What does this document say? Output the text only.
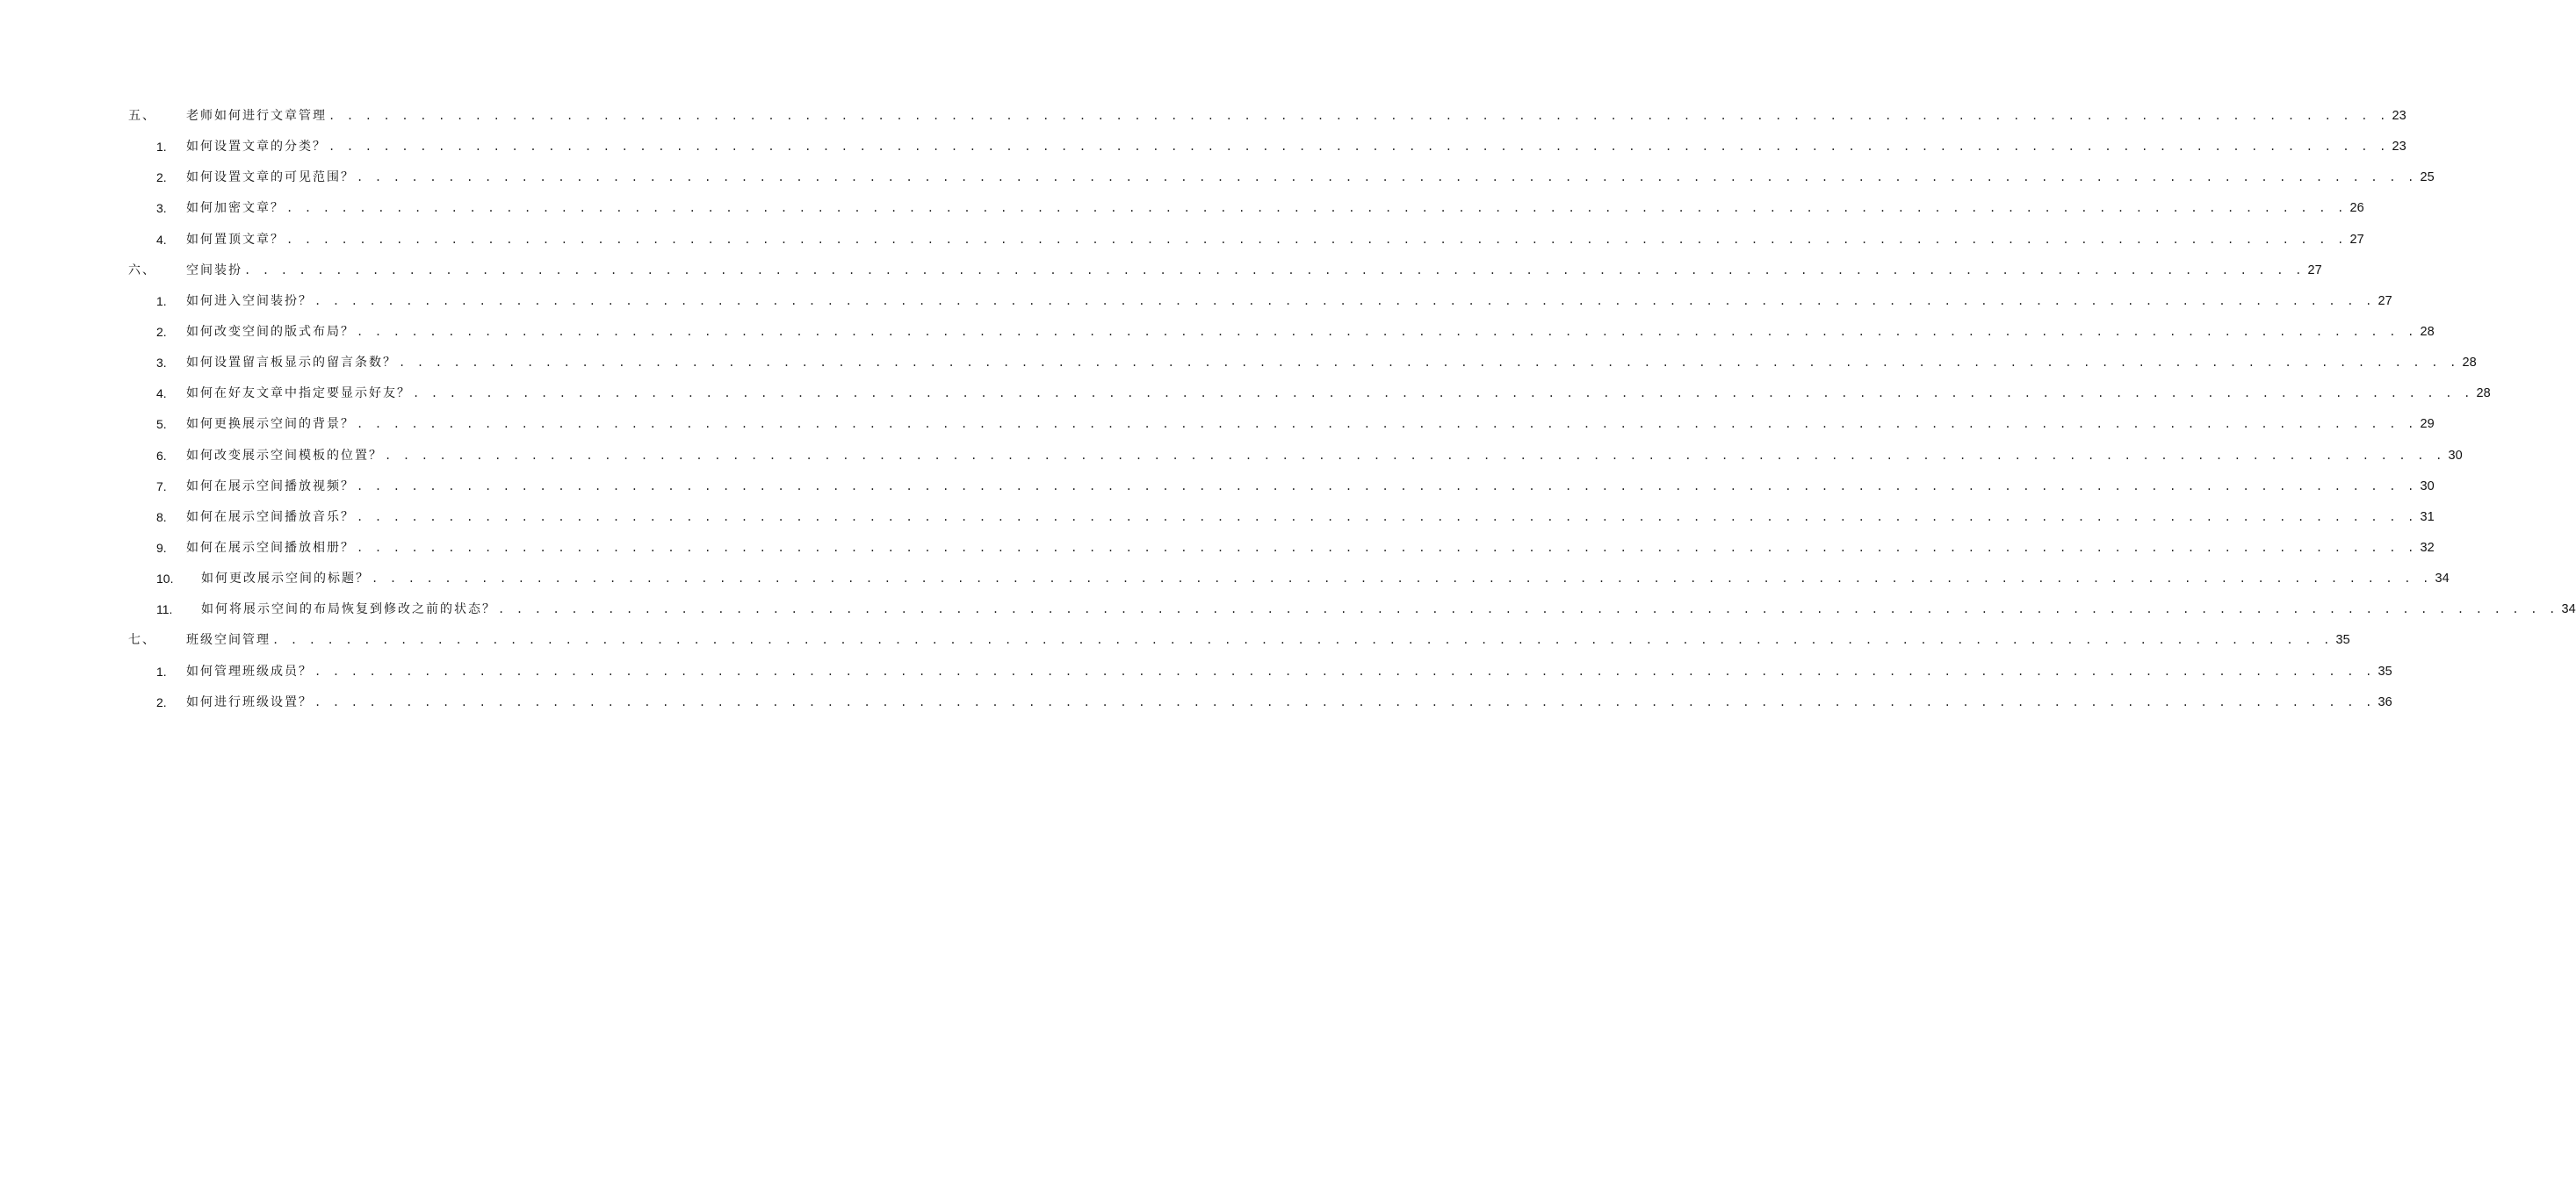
五、 老师如何进行文章管理 . . . . . . . . . . . . . . . . . . . . . . . . . . . . . . . . . . . . . . . . . . . . . . . . . . . . . . . . . . . . . . . . . . . . . . . . . . . . . . . . . . . . . . . . . . . . . . . . . . . . . . . . . . . . . . . . . 23
1. 如何设置文章的分类？ . . . . . . . . . . . . . . . . . . . . . . . . . . . . . . . . . . . . . . . . . . . . . . . . . . . . . . . . . . . . . . . . . . . . . . . . . . . . . . . . . . . . . . . . . . . . . . . . . . . . . . . . . . . . . . . . . 23
2. 如何设置文章的可见范围？ . . . . . . . . . . . . . . . . . . . . . . . . . . . . . . . . . . . . . . . . . . . . . . . . . . . . . . . . . . . . . . . . . . . . . . . . . . . . . . . . . . . . . . . . . . . . . . . . . . . . . . . . . . . . . . . . . 25
3. 如何加密文章？ . . . . . . . . . . . . . . . . . . . . . . . . . . . . . . . . . . . . . . . . . . . . . . . . . . . . . . . . . . . . . . . . . . . . . . . . . . . . . . . . . . . . . . . . . . . . . . . . . . . . . . . . . . . . . . . . . 26
4. 如何置顶文章？ . . . . . . . . . . . . . . . . . . . . . . . . . . . . . . . . . . . . . . . . . . . . . . . . . . . . . . . . . . . . . . . . . . . . . . . . . . . . . . . . . . . . . . . . . . . . . . . . . . . . . . . . . . . . . . . . . 27
六、 空间装扮 . . . . . . . . . . . . . . . . . . . . . . . . . . . . . . . . . . . . . . . . . . . . . . . . . . . . . . . . . . . . . . . . . . . . . . . . . . . . . . . . . . . . . . . . . . . . . . . . . . . . . . . . . . . . . . . . . 27
1. 如何进入空间装扮？ . . . . . . . . . . . . . . . . . . . . . . . . . . . . . . . . . . . . . . . . . . . . . . . . . . . . . . . . . . . . . . . . . . . . . . . . . . . . . . . . . . . . . . . . . . . . . . . . . . . . . . . . . . . . . . . . . 27
2. 如何改变空间的版式布局？ . . . . . . . . . . . . . . . . . . . . . . . . . . . . . . . . . . . . . . . . . . . . . . . . . . . . . . . . . . . . . . . . . . . . . . . . . . . . . . . . . . . . . . . . . . . . . . . . . . . . . . . . . . . . . . . . . 28
3. 如何设置留言板显示的留言条数？ . . . . . . . . . . . . . . . . . . . . . . . . . . . . . . . . . . . . . . . . . . . . . . . . . . . . . . . . . . . . . . . . . . . . . . . . . . . . . . . . . . . . . . . . . . . . . . . . . . . . . . . . . . . . . . . . . 28
4. 如何在好友文章中指定要显示好友？ . . . . . . . . . . . . . . . . . . . . . . . . . . . . . . . . . . . . . . . . . . . . . . . . . . . . . . . . . . . . . . . . . . . . . . . . . . . . . . . . . . . . . . . . . . . . . . . . . . . . . . . . . . . . . . . . . 28
5. 如何更换展示空间的背景？ . . . . . . . . . . . . . . . . . . . . . . . . . . . . . . . . . . . . . . . . . . . . . . . . . . . . . . . . . . . . . . . . . . . . . . . . . . . . . . . . . . . . . . . . . . . . . . . . . . . . . . . . . . . . . . . . . 29
6. 如何改变展示空间模板的位置？ . . . . . . . . . . . . . . . . . . . . . . . . . . . . . . . . . . . . . . . . . . . . . . . . . . . . . . . . . . . . . . . . . . . . . . . . . . . . . . . . . . . . . . . . . . . . . . . . . . . . . . . . . . . . . . . . . 30
7. 如何在展示空间播放视频？ . . . . . . . . . . . . . . . . . . . . . . . . . . . . . . . . . . . . . . . . . . . . . . . . . . . . . . . . . . . . . . . . . . . . . . . . . . . . . . . . . . . . . . . . . . . . . . . . . . . . . . . . . . . . . . . . . 30
8. 如何在展示空间播放音乐？ . . . . . . . . . . . . . . . . . . . . . . . . . . . . . . . . . . . . . . . . . . . . . . . . . . . . . . . . . . . . . . . . . . . . . . . . . . . . . . . . . . . . . . . . . . . . . . . . . . . . . . . . . . . . . . . . . 31
9. 如何在展示空间播放相册？ . . . . . . . . . . . . . . . . . . . . . . . . . . . . . . . . . . . . . . . . . . . . . . . . . . . . . . . . . . . . . . . . . . . . . . . . . . . . . . . . . . . . . . . . . . . . . . . . . . . . . . . . . . . . . . . . . 32
10. 如何更改展示空间的标题？ . . . . . . . . . . . . . . . . . . . . . . . . . . . . . . . . . . . . . . . . . . . . . . . . . . . . . . . . . . . . . . . . . . . . . . . . . . . . . . . . . . . . . . . . . . . . . . . . . . . . . . . . . . . . . . . . . 34
11. 如何将展示空间的布局恢复到修改之前的状态？ . . . . . . . . . . . . . . . . . . . . . . . . . . . . . . . . . . . . . . . . . . . . . . . . . . . . . . . . . . . . . . . . . . . . . . . . . . . . . . . . . . . . . . . . . . . . . . . . . . . . . . . . . . . . . . . . . 34
七、 班级空间管理 . . . . . . . . . . . . . . . . . . . . . . . . . . . . . . . . . . . . . . . . . . . . . . . . . . . . . . . . . . . . . . . . . . . . . . . . . . . . . . . . . . . . . . . . . . . . . . . . . . . . . . . . . . . . . . . . . 35
1. 如何管理班级成员？ . . . . . . . . . . . . . . . . . . . . . . . . . . . . . . . . . . . . . . . . . . . . . . . . . . . . . . . . . . . . . . . . . . . . . . . . . . . . . . . . . . . . . . . . . . . . . . . . . . . . . . . . . . . . . . . . . 35
2. 如何进行班级设置？ . . . . . . . . . . . . . . . . . . . . . . . . . . . . . . . . . . . . . . . . . . . . . . . . . . . . . . . . . . . . . . . . . . . . . . . . . . . . . . . . . . . . . . . . . . . . . . . . . . . . . . . . . . . . . . . . . 36
